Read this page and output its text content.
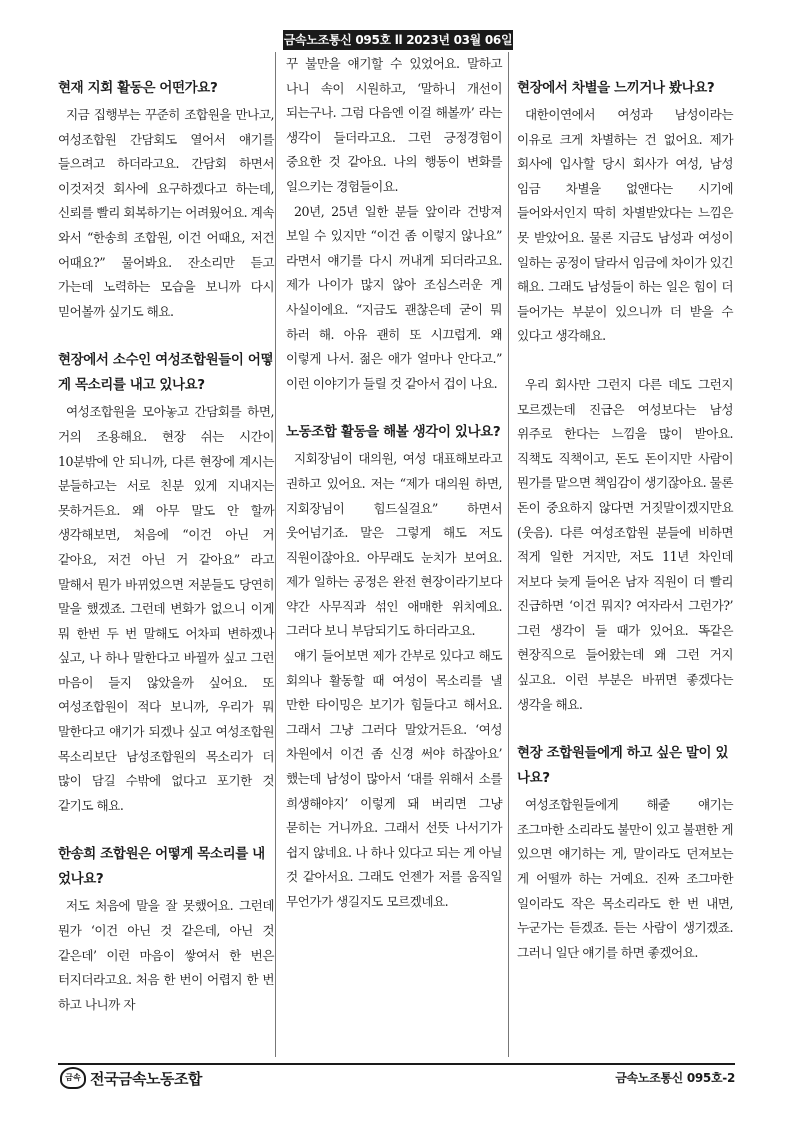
금속노조통신 095호 ll 2023년 03월 06일
현재 지회 활동은 어떤가요?

지금 집행부는 꾸준히 조합원을 만나고, 여성조합원 간담회도 열어서 얘기를 들으려고 하더라고요. 간담회 하면서 이것저것 회사에 요구하겠다고 하는데, 신뢰를 빨리 회복하기는 어려웠어요. 계속 와서 “한송희 조합원, 이건 어때요, 저건 어때요?” 물어봐요. 잔소리만 듣고 가는데 노력하는 모습을 보니까 다시 믿어볼까 싶기도 해요.

현장에서 소수인 여성조합원들이 어떻게 목소리를 내고 있나요?

여성조합원을 모아놓고 간담회를 하면, 거의 조용해요. 현장 쉬는 시간이 10분밖에 안 되니까, 다른 현장에 계시는 분들하고는 서로 친분 있게 지내지는 못하거든요. 왜 아무 말도 안 할까 생각해보면, 처음에 “이건 아닌 거 같아요, 저건 아닌 거 같아요” 라고 말해서 뭔가 바뀌었으면 저분들도 당연히 말을 했겠죠. 그런데 변화가 없으니 이게 뭐 한번 두 번 말해도 어차피 변하겠나 싶고, 나 하나 말한다고 바뀔까 싶고 그런 마음이 들지 않았을까 싶어요. 또 여성조합원이 적다 보니까, 우리가 뭐 말한다고 얘기가 되겠나 싶고 여성조합원 목소리보단 남성조합원의 목소리가 더 많이 담길 수밖에 없다고 포기한 것 같기도 해요.

한송희 조합원은 어떻게 목소리를 내었나요?

저도 처음에 말을 잘 못했어요. 그런데 뭔가 ‘이건 아닌 것 같은데, 아닌 것 같은데’ 이런 마음이 쌓여서 한 번은 터지더라고요. 처음 한 번이 어렵지 한 번 하고 나니까 자

꾸 불만을 얘기할 수 있었어요. 말하고 나니 속이 시원하고, ‘말하니 개선이 되는구나. 그럼 다음엔 이걸 해볼까’ 라는 생각이 들더라고요. 그런 긍정경험이 중요한 것 같아요. 나의 행동이 변화를 일으키는 경험들이요.

20년, 25년 일한 분들 앞이라 건방져 보일 수 있지만 “이건 좀 이렇지 않나요” 라면서 얘기를 다시 꺼내게 되더라고요. 제가 나이가 많지 않아 조심스러운 게 사실이에요. “지금도 괜찮은데 굳이 뭐 하러 해. 아유 괜히 또 시끄럽게. 왜 이렇게 나서. 젊은 애가 얼마나 안다고.” 이런 이야기가 들릴 것 같아서 겁이 나요.

노동조합 활동을 해볼 생각이 있나요?

지회장님이 대의원, 여성 대표해보라고 권하고 있어요. 저는 “제가 대의원 하면, 지회장님이 힘드실걸요” 하면서 웃어넘기죠. 말은 그렇게 해도 저도 직원이잖아요. 아무래도 눈치가 보여요. 제가 일하는 공정은 완전 현장이라기보다 약간 사무직과 섞인 애매한 위치예요. 그러다 보니 부담되기도 하더라고요.

얘기 들어보면 제가 간부로 있다고 해도 회의나 활동할 때 여성이 목소리를 낼 만한 타이밍은 보기가 힘들다고 해서요. 그래서 그냥 그러다 말았거든요. ‘여성 차원에서 이건 좀 신경 써야 하잖아요’ 했는데 남성이 많아서 ‘대를 위해서 소를 희생해야지’ 이렇게 돼 버리면 그냥 묻히는 거니까요. 그래서 선뜻 나서기가 쉽지 않네요. 나 하나 있다고 되는 게 아닐 것 같아서요. 그래도 언젠가 저를 움직일 무언가가 생길지도 모르겠네요.

현장에서 차별을 느끼거나 봤나요?

대한이연에서 여성과 남성이라는 이유로 크게 차별하는 건 없어요. 제가 회사에 입사할 당시 회사가 여성, 남성 임금 차별을 없앤다는 시기에 들어와서인지 딱히 차별받았다는 느낌은 못 받았어요. 물론 지금도 남성과 여성이 일하는 공정이 달라서 임금에 차이가 있긴 해요. 그래도 남성들이 하는 일은 힘이 더 들어가는 부분이 있으니까 더 받을 수 있다고 생각해요.

우리 회사만 그런지 다른 데도 그런지 모르겠는데 진급은 여성보다는 남성 위주로 한다는 느낌을 많이 받아요. 직책도 직책이고, 돈도 돈이지만 사람이 뭔가를 맡으면 책임감이 생기잖아요. 물론 돈이 중요하지 않다면 거짓말이겠지만요(웃음). 다른 여성조합원 분들에 비하면 적게 일한 거지만, 저도 11년 차인데 저보다 늦게 들어온 남자 직원이 더 빨리 진급하면 ‘이건 뭐지? 여자라서 그런가?’ 그런 생각이 들 때가 있어요. 똑같은 현장직으로 들어왔는데 왜 그런 거지 싶고요. 이런 부분은 바뀌면 좋겠다는 생각을 해요.

현장 조합원들에게 하고 싶은 말이 있나요?

여성조합원들에게 해줄 얘기는 조그마한 소리라도 불만이 있고 불편한 게 있으면 얘기하는 게, 말이라도 던져보는 게 어떨까 하는 거예요. 진짜 조그마한 일이라도 작은 목소리라도 한 번 내면, 누군가는 듣겠죠. 듣는 사람이 생기겠죠. 그러니 일단 얘기를 하면 좋겠어요.

금속 전국금속노동조합	금속노조통신 095호-2
